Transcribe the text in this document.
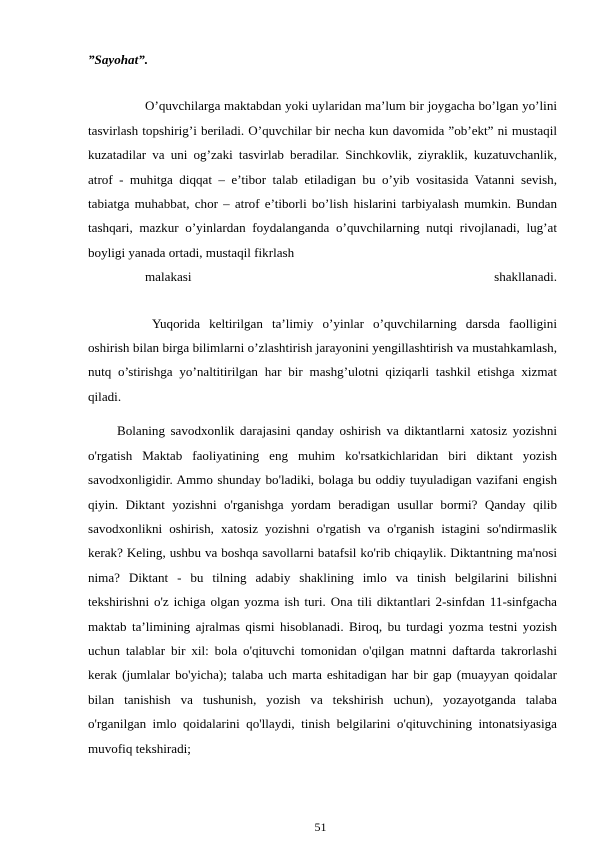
”Sayohat”.

O’quvchilarga maktabdan yoki uylaridan ma’lum bir joygacha bo’lgan yo’lini tasvirlash topshirig’i beriladi. O’quvchilar bir necha kun davomida ”ob’ekt” ni mustaqil kuzatadilar va uni og’zaki tasvirlab beradilar. Sinchkovlik, ziyraklik, kuzatuvchanlik, atrof - muhitga diqqat – e’tibor talab etiladigan bu o’yib vositasida Vatanni sevish, tabiatga muhabbat, chor – atrof e’tiborli bo’lish hislarini tarbiyalash mumkin. Bundan tashqari, mazkur o’yinlardan foydalanganda o’quvchilarning nutqi rivojlanadi, lug’at boyligi yanada ortadi, mustaqil fikrlash
malakasi shakllanadi.

Yuqorida keltirilgan ta’limiy o’yinlar o’quvchilarning darsda faolligini oshirish bilan birga bilimlarni o’zlashtirish jarayonini yengillashtirish va mustahkamlash, nutq o’stirishga yo’naltitirilgan har bir mashg’ulotni qiziqarli tashkil etishga xizmat qiladi.

Bolaning savodxonlik darajasini qanday oshirish va diktantlarni xatosiz yozishni o'rgatish Maktab faoliyatining eng muhim ko'rsatkichlaridan biri diktant yozish savodxonligidir. Ammo shunday bo'ladiki, bolaga bu oddiy tuyuladigan vazifani engish qiyin. Diktant yozishni o'rganishga yordam beradigan usullar bormi? Qanday qilib savodxonlikni oshirish, xatosiz yozishni o'rgatish va o'rganish istagini so'ndirmaslik kerak? Keling, ushbu va boshqa savollarni batafsil ko'rib chiqaylik. Diktantning ma'nosi nima? Diktant - bu tilning adabiy shaklining imlo va tinish belgilarini bilishni tekshirishni o'z ichiga olgan yozma ish turi. Ona tili diktantlari 2-sinfdan 11-sinfgacha maktab taʼlimining ajralmas qismi hisoblanadi. Biroq, bu turdagi yozma testni yozish uchun talablar bir xil: bola o'qituvchi tomonidan o'qilgan matnni daftarda takrorlashi kerak (jumlalar bo'yicha); talaba uch marta eshitadigan har bir gap (muayyan qoidalar bilan tanishish va tushunish, yozish va tekshirish uchun), yozayotganda talaba o'rganilgan imlo qoidalarini qo'llaydi, tinish belgilarini o'qituvchining intonatsiyasiga muvofiq tekshiradi;

51
